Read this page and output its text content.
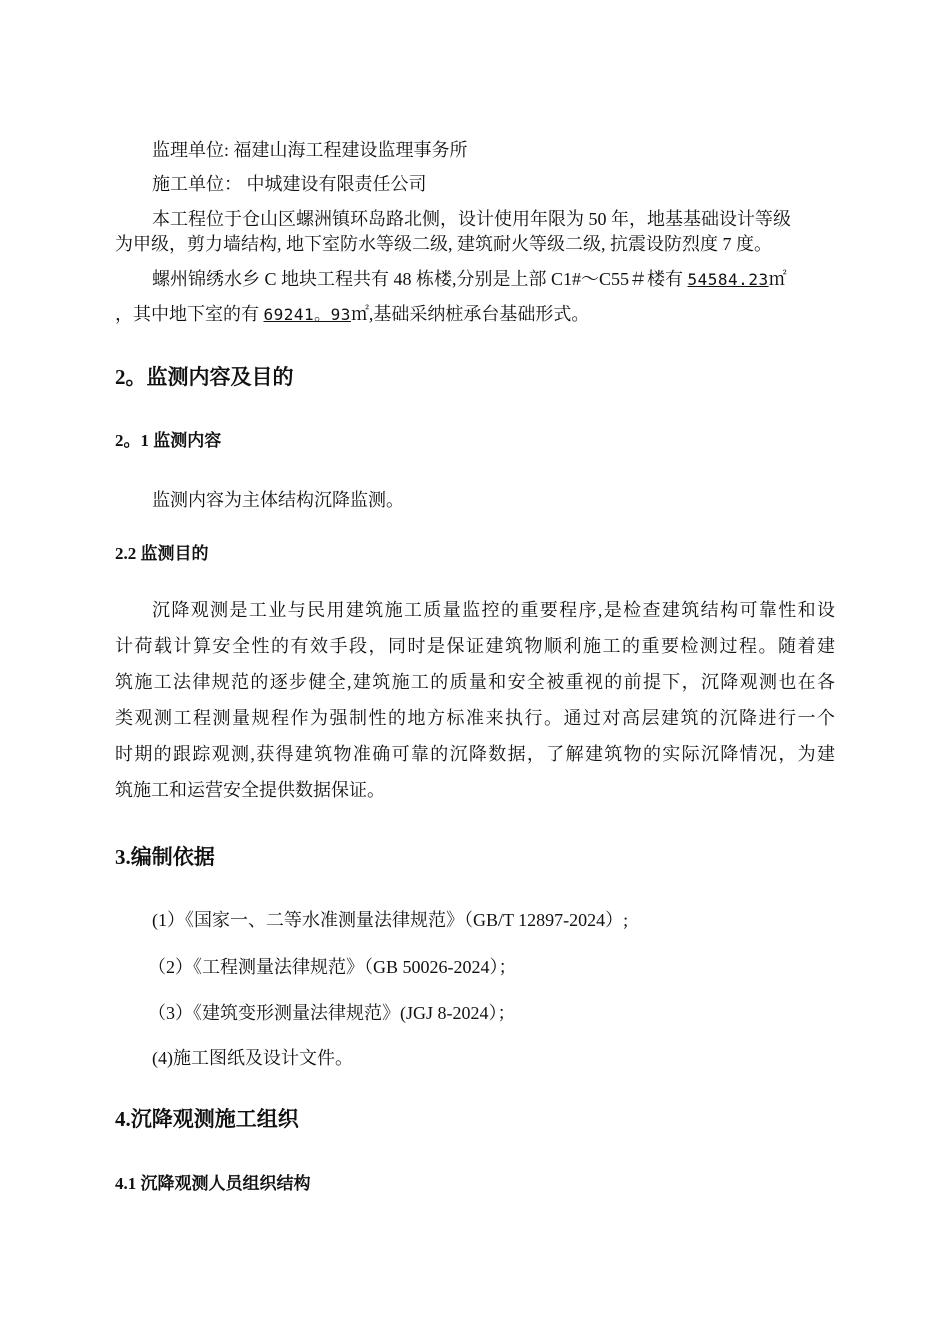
监理单位: 福建山海工程建设监理事务所
施工单位： 中城建设有限责任公司
本工程位于仓山区螺洲镇环岛路北侧，设计使用年限为 50 年，地基基础设计等级
为甲级，剪力墙结构, 地下室防水等级二级, 建筑耐火等级二级, 抗震设防烈度 7 度。
螺州锦绣水乡 C 地块工程共有 48 栋楼,分别是上部 C1#～C55＃楼有 54584.23㎡
，其中地下室的有 69241。93㎡,基础采纳桩承台基础形式。
2。监测内容及目的
2。1 监测内容
监测内容为主体结构沉降监测。
2.2 监测目的
沉降观测是工业与民用建筑施工质量监控的重要程序,是检查建筑结构可靠性和设
计荷载计算安全性的有效手段，同时是保证建筑物顺利施工的重要检测过程。随着建
筑施工法律规范的逐步健全,建筑施工的质量和安全被重视的前提下，沉降观测也在各
类观测工程测量规程作为强制性的地方标准来执行。通过对高层建筑的沉降进行一个
时期的跟踪观测,获得建筑物准确可靠的沉降数据，了解建筑物的实际沉降情况，为建
筑施工和运营安全提供数据保证。
3.编制依据
(1）《国家一、二等水准测量法律规范》（GB/T 12897-2024）;
（2）《工程测量法律规范》（GB 50026-2024）；
（3）《建筑变形测量法律规范》(JGJ 8-2024）；
(4)施工图纸及设计文件。
4.沉降观测施工组织
4.1 沉降观测人员组织结构
